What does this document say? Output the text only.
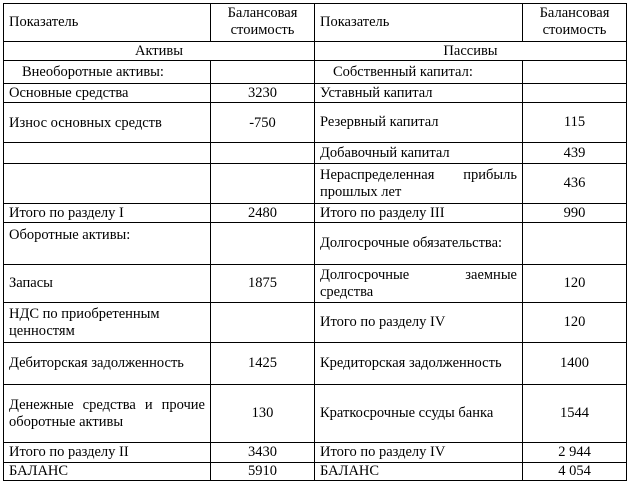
Показатель	Балансовая стоимость	Показатель	Балансовая стоимость
Активы		Пассивы	
Внеоборотные активы:		Собственный капитал:	
Основные средства	3230	Уставный капитал	
Износ основных средств	-750	Резервный капитал	115
		Добавочный капитал	439
		Нераспределенная прибыль прошлых лет	436
Итого по разделу I	2480	Итого по разделу III	990
Оборотные активы:		Долгосрочные обязательства:	
Запасы	1875	Долгосрочные заемные средства	120
НДС по приобретенным ценностям		Итого по разделу IV	120
Дебиторская задолженность	1425	Кредиторская задолженность	1400
Денежные средства и прочие оборотные активы	130	Краткосрочные ссуды банка	1544
Итого по разделу II	3430	Итого по разделу IV	2 944
БАЛАНС	5910	БАЛАНС	4 054
